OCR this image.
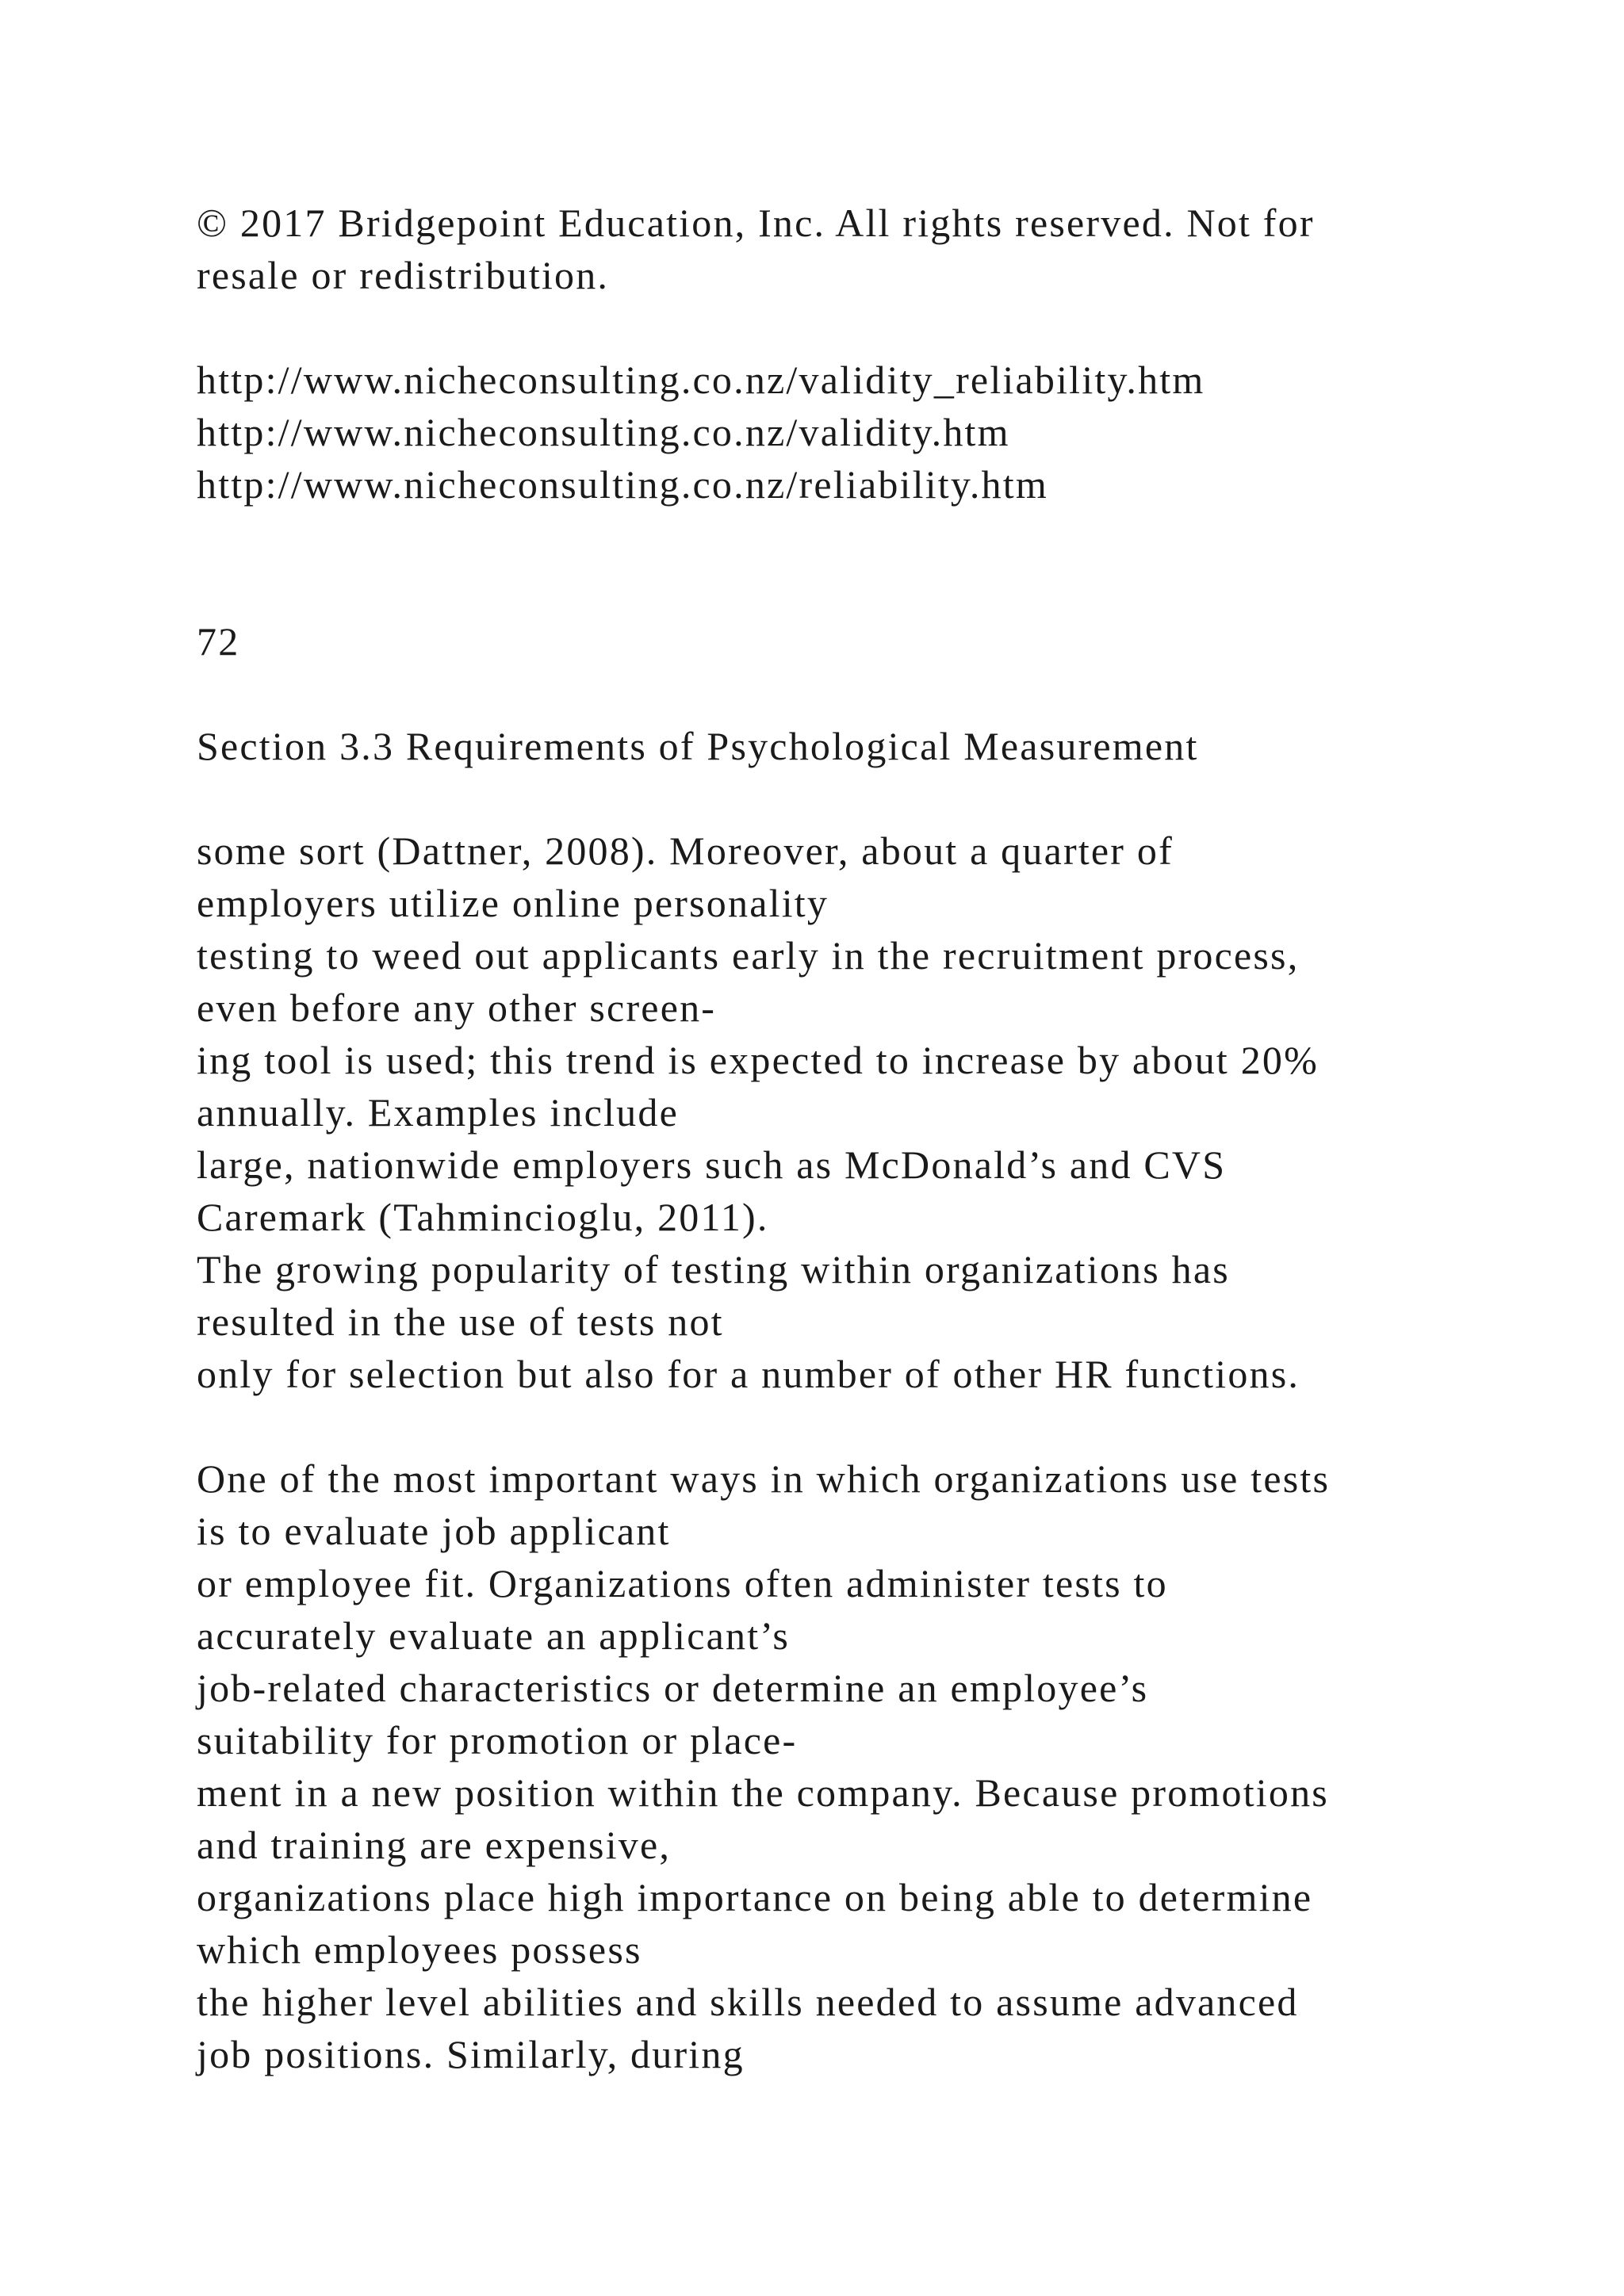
© 2017 Bridgepoint Education, Inc. All rights reserved. Not for
resale or redistribution.
http://www.nicheconsulting.co.nz/validity_reliability.htm
http://www.nicheconsulting.co.nz/validity.htm
http://www.nicheconsulting.co.nz/reliability.htm
72
Section 3.3 Requirements of Psychological Measurement
some sort (Dattner, 2008). Moreover, about a quarter of
employers utilize online personality
testing to weed out applicants early in the recruitment process,
even before any other screen-
ing tool is used; this trend is expected to increase by about 20%
annually. Examples include
large, nationwide employers such as McDonald’s and CVS
Caremark (Tahmincioglu, 2011).
The growing popularity of testing within organizations has
resulted in the use of tests not
only for selection but also for a number of other HR functions.
One of the most important ways in which organizations use tests
is to evaluate job applicant
or employee fit. Organizations often administer tests to
accurately evaluate an applicant’s
job-related characteristics or determine an employee’s
suitability for promotion or place-
ment in a new position within the company. Because promotions
and training are expensive,
organizations place high importance on being able to determine
which employees possess
the higher level abilities and skills needed to assume advanced
job positions. Similarly, during
